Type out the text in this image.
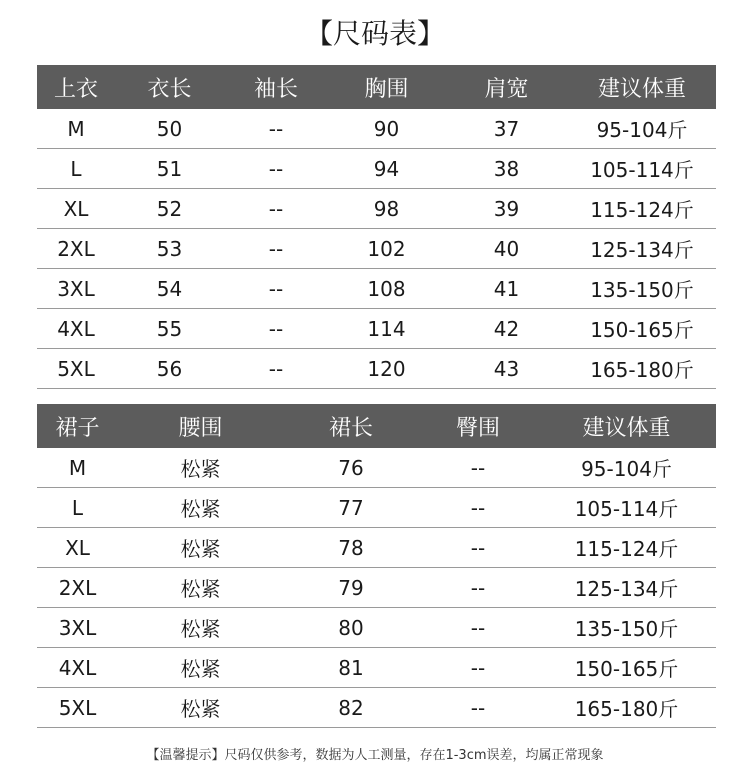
【尺码表】
上衣	衣长	袖长	胸围	肩宽	建议体重
M	50	--	90	37	95-104斤
L	51	--	94	38	105-114斤
XL	52	--	98	39	115-124斤
2XL	53	--	102	40	125-134斤
3XL	54	--	108	41	135-150斤
4XL	55	--	114	42	150-165斤
5XL	56	--	120	43	165-180斤
裙子	腰围	裙长	臀围	建议体重
M	松紧	76	--	95-104斤
L	松紧	77	--	105-114斤
XL	松紧	78	--	115-124斤
2XL	松紧	79	--	125-134斤
3XL	松紧	80	--	135-150斤
4XL	松紧	81	--	150-165斤
5XL	松紧	82	--	165-180斤
【温馨提示】尺码仅供参考，数据为人工测量，存在1-3cm误差，均属正常现象
